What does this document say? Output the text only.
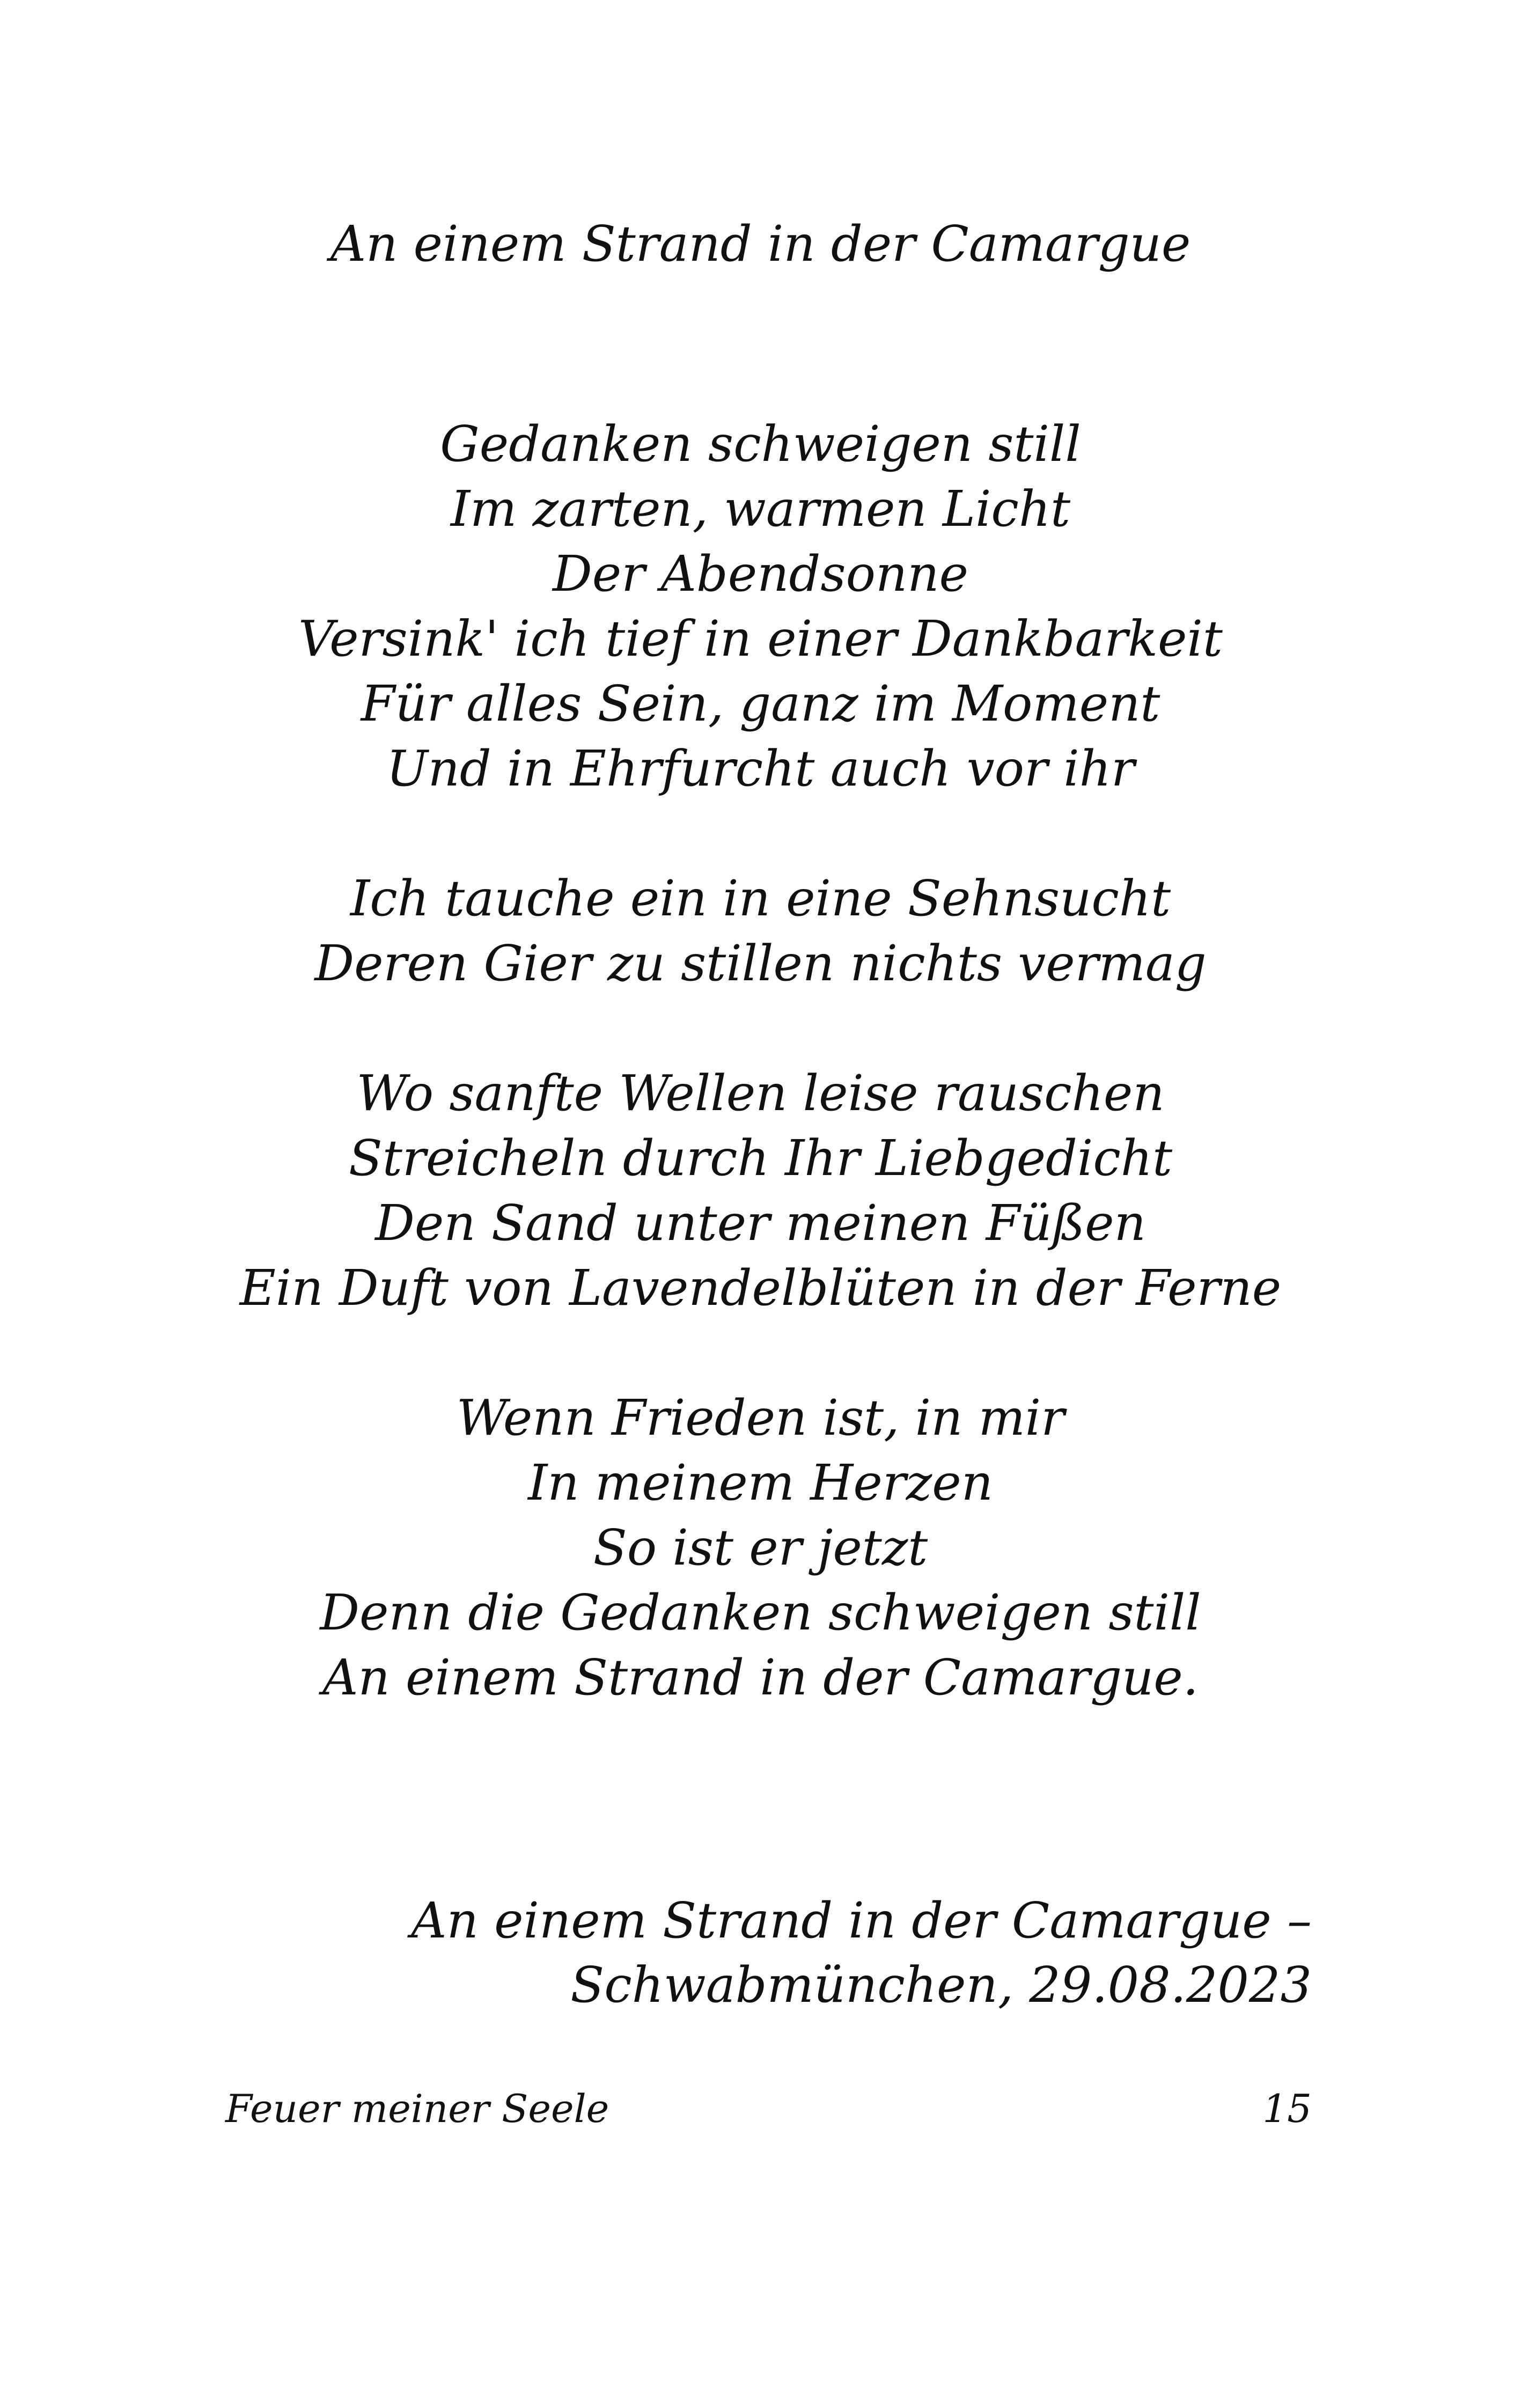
An einem Strand in der Camargue
Gedanken schweigen still
Im zarten, warmen Licht
Der Abendsonne
Versink' ich tief in einer Dankbarkeit
Für alles Sein, ganz im Moment
Und in Ehrfurcht auch vor ihr
Ich tauche ein in eine Sehnsucht
Deren Gier zu stillen nichts vermag
Wo sanfte Wellen leise rauschen
Streicheln durch Ihr Liebgedicht
Den Sand unter meinen Füßen
Ein Duft von Lavendelblüten in der Ferne
Wenn Frieden ist, in mir
In meinem Herzen
So ist er jetzt
Denn die Gedanken schweigen still
An einem Strand in der Camargue.
An einem Strand in der Camargue –
Schwabmünchen, 29.08.2023
Feuer meiner Seele	15
